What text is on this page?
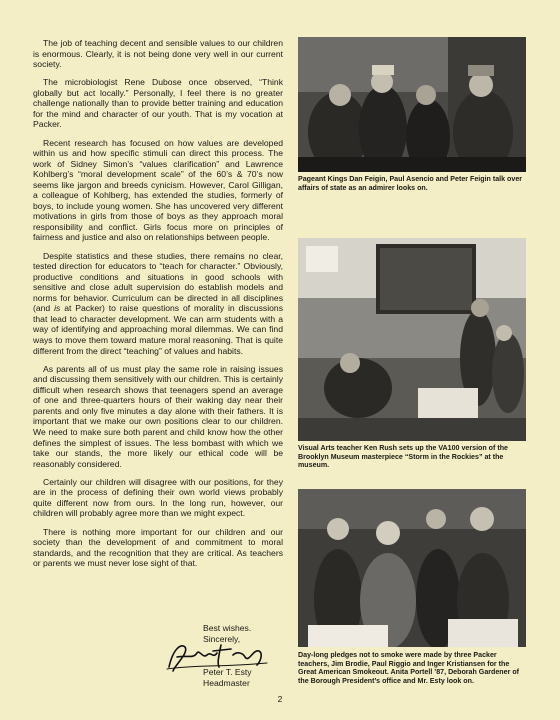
The job of teaching decent and sensible values to our children is enormous. Clearly, it is not being done very well in our current society.

The microbiologist Rene Dubose once observed, “Think globally but act locally.” Personally, I feel there is no greater challenge nationally than to provide better training and education for the mind and character of our youth. That is my vocation at Packer.

Recent research has focused on how values are developed within us and how specific stimuli can direct this process. The work of Sidney Simon’s “values clarification” and Lawrence Kohlberg’s “moral development scale” of the 60’s & 70’s now seems like jargon and breeds cynicism. However, Carol Gilligan, a colleague of Kohlberg, has extended the studies, formerly of boys, to include young women. She has uncovered very different motivations in girls from those of boys as they approach moral responsibility and conflict. Girls focus more on principles of fairness and justice and also on relationships between people.

Despite statistics and these studies, there remains no clear, tested direction for educators to “teach for character.” Obviously, productive conditions and situations in good schools with sensitive and close adult supervision do establish models and norms for behavior. Curriculum can be directed in all disciplines (and is at Packer) to raise questions of morality in discussions that lead to character development. We can arm students with a way of identifying and approaching moral dilemmas. We can find ways to move them toward mature moral reasoning. That is quite different from the direct “teaching” of values and habits.

As parents all of us must play the same role in raising issues and discussing them sensitively with our children. This is certainly difficult when research shows that teenagers spend an average of one and three-quarters hours of their waking day near their parents and only five minutes a day alone with their fathers. It is important that we make our own positions clear to our children. We need to make sure both parent and child know how the other defines the simplest of issues. The less bombast with which we take our stands, the more likely our ethical code will be reasonably considered.

Certainly our children will disagree with our positions, for they are in the process of defining their own world views probably quite different now from ours. In the long run, however, our children will probably agree more than we might expect.

There is nothing more important for our children and our society than the development of and commitment to moral standards, and the recognition that they are critical. As teachers or parents we must never lose sight of that.

Best wishes.
Sincerely,
Peter T. Esty
Headmaster
Pageant Kings Dan Feigin, Paul Asencio and Peter Feigin talk over affairs of state as an admirer looks on.
Visual Arts teacher Ken Rush sets up the VA100 version of the Brooklyn Museum masterpiece “Storm in the Rockies” at the museum.
Day-long pledges not to smoke were made by three Packer teachers, Jim Brodie, Paul Riggio and Inger Kristiansen for the Great American Smokeout. Anita Portell ’87, Deborah Gardener of the Borough President’s office and Mr. Esty look on.
2
